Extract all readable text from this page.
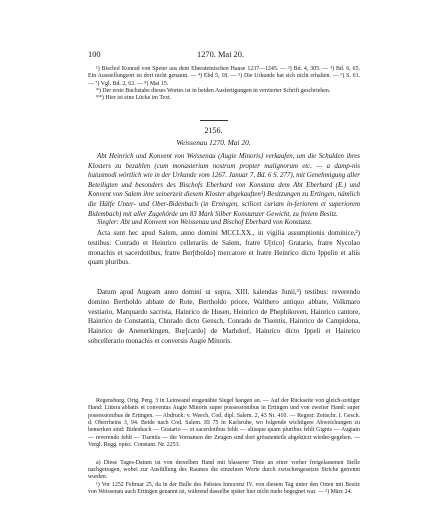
100	1270. Mai 20.

¹) Bischof Konrad von Speier aus dem Eberateinischen Hause 1237—1245. — ²) Bd. 4, 305. — ³) Bd. 6, 65. Ein Ausstellungsort ist dort nicht genannt. — ⁴) Ebd 5, 18. — ⁵) Die Urkunde hat sich nicht erhalten. — ⁶) S. 61. — ⁷) Vgl. Bd. 2, 63. — ⁸) Mai 15.

*) Der erste Buchstabe dieses Wortes ist in beiden Ausfertigungen in verzierter Schrift geschrieben.

**) Hier ist eine Lücke im Text.

2156.
Weissenau 1270. Mai 20.

Abt Heinrich und Konvent von Weissenau (Augie Minoris) verkaufen, um die Schulden ihres Klosters zu bezahlen (cum monasterium nostrum propter malignorum etc. — a damp-nis huiusmodi wörtlich wie in der Urkunde vom 1267. Januar 7, Bd. 6 S. 277), mit Genehmigung aller Beteiligten und besonders des Bischofs Eberhard von Konstanz dem Abt Eberhard (E.) und Konvent von Salem ihre seinerzeit diesem Kloster abgekauften¹) Besitzungen zu Ertingen, nämlich die Hälfe Unter- und Ober-Bidenbach (in Erningen, scilicet curiam in-feriorem et superiorem Bidembach) mit aller Zugehörde um 83 Mark Silber Konstanzer Gewicht, zu freiem Besitz.

Siegler: Abt und Konvent von Weissenau und Bischof Eberhard von Konstanz.

Acta sunt hec apud Salem, anno domini MCCLXX., in vigilia assumptionis dominice,²) testibus: Conrado et Heinrico cellerariis de Salem, fratre U[rico] Gratario, fratre Nycolao monachis et sacerdotibus, fratre Ber[tholdo] mercatore et fratre Heinrico dicto Ippelin et aliis quam pluribus.

Datum apud Augeam anno domini ut supra, XIII. kalendas Junii,³) testibus: reverendo domino Bertholdo abbate de Rote, Bertholdo priore, Walthero antiquo abbate, Volkmaro vestiario, Marquardo sacrista, Hainrico de Husen, Heinrico de Phephikoven, Hainrico cantore, Hainrico de Constantia, Chnrado dicto Gensch, Conrado de Tisentis, Hainrico de Campidona, Hainrico de Anenerkingen, Bur[cardo] de Marhdorf, Hainrico dicto Ippeli et Hainrico sobcellerario monachis et conversis Augie Minoris.

Regensburg. Orig. Perg. 3 in Leinwand eingenähte Siegel hangen an. — Auf der Rückseite von gleich-zeitiger Hand: Littera abbatis et conventus Augie Minoris super possessionibus in Ertingen und von zweiter Hand: super possessionibus de Ertingen. — Abdruck: v. Weech, Cod. dipl. Salem. 2, 43 Nr. 410. — Regest: Zeitschr. f. Gesch. d. Oberrheins 3, 94. Beide nach Cod. Salem. III 75 in Karlsruhe, wo folgende wichtigere Abweichungen zu bemerken sind: Bidenbach — Gratario — et sacerdotibus fehlt — aliisque quam pluribus fehlt Gignis — Augiam — reverendo fehlt — Tisentis — die Vornamen der Zeugen sind dort grösstenteils abgekürzt wieder-gegeben. — Vergl. Regg. episc. Constant. Nr. 2253.

a) Diese Tages-Datum ist von derselben Hand mit blasserer Tinte an einer vorher freigelassenen Stelle nachgetragen, wobei zur Ausfüllung des Raumes die einzelnen Worte durch zwischengesetzte Striche getrennt wurden.

¹) Vor 1252 Februar 25, da in der Bulle des Pabstes Innocenz IV. von diesem Tag unter den Orten mit Besitz von Weissenau auch Ertingen genannt ist, während dasselbe später hier nicht mehr begegnet war. — ²) März 24.
